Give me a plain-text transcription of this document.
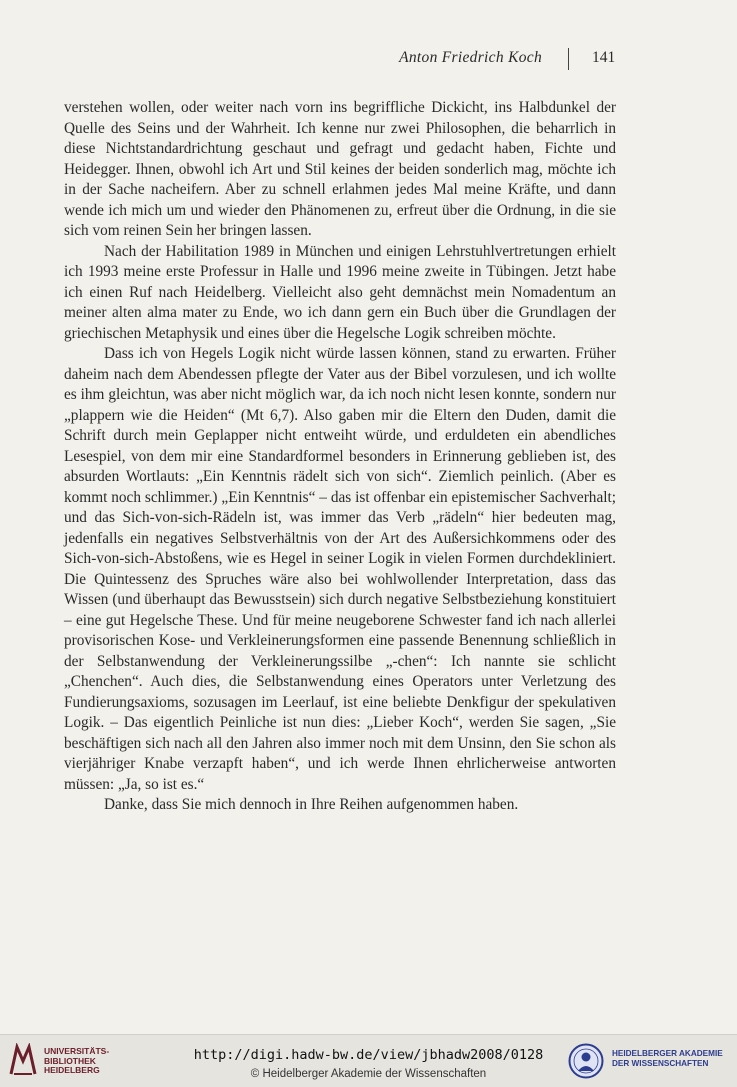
Anton Friedrich Koch	141

verstehen wollen, oder weiter nach vorn ins begriffliche Dickicht, ins Halbdunkel der Quelle des Seins und der Wahrheit. Ich kenne nur zwei Philosophen, die beharrlich in diese Nichtstandardrichtung geschaut und gefragt und gedacht haben, Fichte und Heidegger. Ihnen, obwohl ich Art und Stil keines der beiden sonderlich mag, möchte ich in der Sache nacheifern. Aber zu schnell erlahmen jedes Mal meine Kräfte, und dann wende ich mich um und wieder den Phänomenen zu, erfreut über die Ordnung, in die sie sich vom reinen Sein her bringen lassen.

Nach der Habilitation 1989 in München und einigen Lehrstuhlvertretungen erhielt ich 1993 meine erste Professur in Halle und 1996 meine zweite in Tübingen. Jetzt habe ich einen Ruf nach Heidelberg. Vielleicht also geht demnächst mein Nomadentum an meiner alten alma mater zu Ende, wo ich dann gern ein Buch über die Grundlagen der griechischen Metaphysik und eines über die Hegelsche Logik schreiben möchte.

Dass ich von Hegels Logik nicht würde lassen können, stand zu erwarten. Früher daheim nach dem Abendessen pflegte der Vater aus der Bibel vorzulesen, und ich wollte es ihm gleichtun, was aber nicht möglich war, da ich noch nicht lesen konnte, sondern nur „plappern wie die Heiden“ (Mt 6,7). Also gaben mir die Eltern den Duden, damit die Schrift durch mein Geplapper nicht entweiht würde, und erduldeten ein abendliches Lesespiel, von dem mir eine Standardformel besonders in Erinnerung geblieben ist, des absurden Wortlauts: „Ein Kenntnis rädelt sich von sich“. Ziemlich peinlich. (Aber es kommt noch schlimmer.) „Ein Kenntnis“ – das ist offenbar ein epistemischer Sachverhalt; und das Sich-von-sich-Rädeln ist, was immer das Verb „rädeln“ hier bedeuten mag, jedenfalls ein negatives Selbstverhältnis von der Art des Außersichkommens oder des Sich-von-sich-Abstoßens, wie es Hegel in seiner Logik in vielen Formen durchdekliniert. Die Quintessenz des Spruches wäre also bei wohlwollender Interpretation, dass das Wissen (und überhaupt das Bewusstsein) sich durch negative Selbstbeziehung konstituiert – eine gut Hegelsche These. Und für meine neugeborene Schwester fand ich nach allerlei provisorischen Kose- und Verkleinerungsformen eine passende Benennung schließlich in der Selbstanwendung der Verkleinerungssilbe „-chen“: Ich nannte sie schlicht „Chenchen“. Auch dies, die Selbstanwendung eines Operators unter Verletzung des Fundierungsaxioms, sozusagen im Leerlauf, ist eine beliebte Denkfigur der spekulativen Logik. – Das eigentlich Peinliche ist nun dies: „Lieber Koch“, werden Sie sagen, „Sie beschäftigen sich nach all den Jahren also immer noch mit dem Unsinn, den Sie schon als vierjähriger Knabe verzapft haben“, und ich werde Ihnen ehrlicherweise antworten müssen: „Ja, so ist es.“

Danke, dass Sie mich dennoch in Ihre Reihen aufgenommen haben.

UNIVERSITÄTS-
BIBLIOTHEK
HEIDELBERG
http://digi.hadw-bw.de/view/jbhadw2008/0128
© Heidelberger Akademie der Wissenschaften
HEIDELBERGER AKADEMIE
DER WISSENSCHAFTEN
